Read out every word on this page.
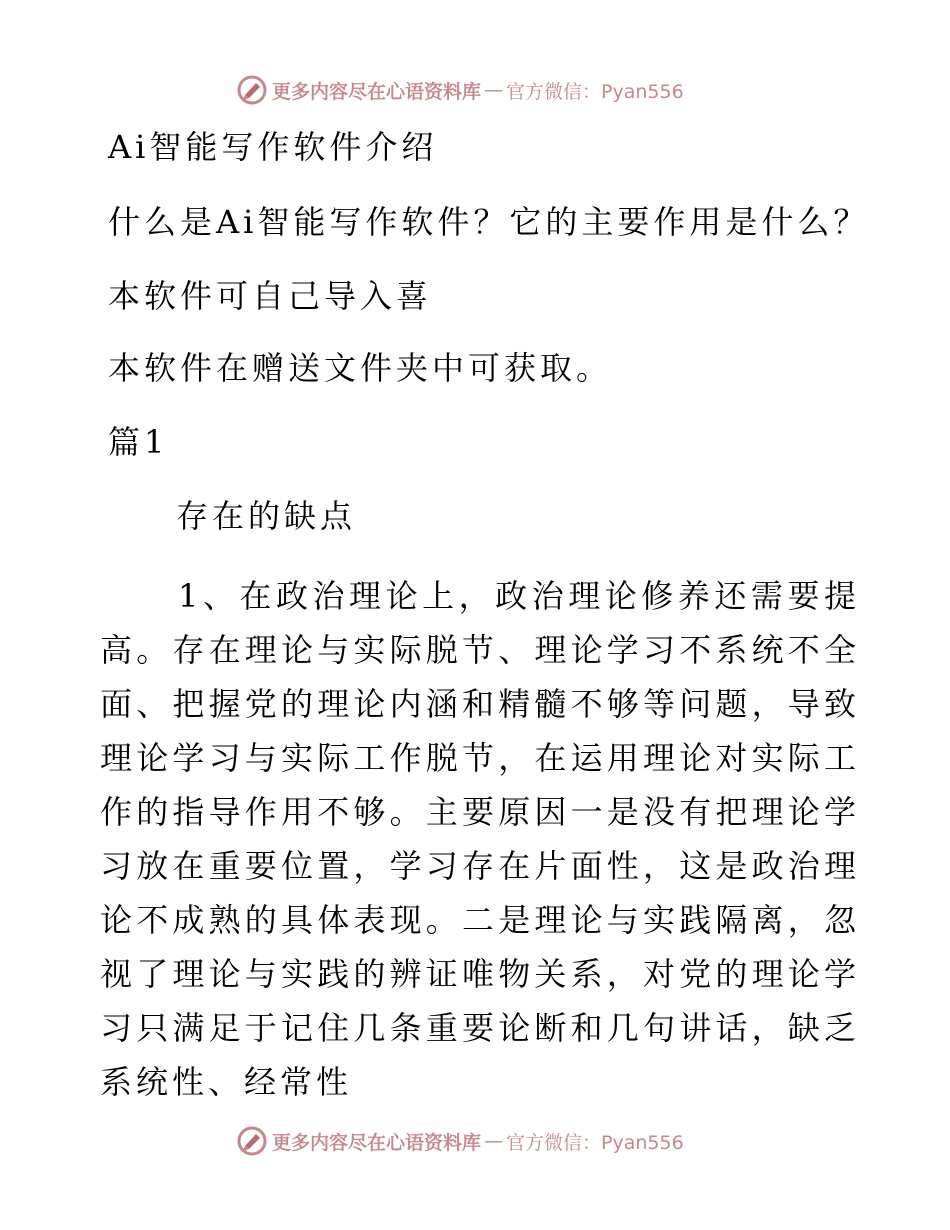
更多内容尽在心语资料库 — 官方微信：Pyan556
Ai智能写作软件介绍
什么是Ai智能写作软件？它的主要作用是什么？
本软件可自己导入喜
本软件在赠送文件夹中可获取。
篇1
存在的缺点

1、在政治理论上，政治理论修养还需要提高。存在理论与实际脱节、理论学习不系统不全面、把握党的理论内涵和精髓不够等问题，导致理论学习与实际工作脱节，在运用理论对实际工作的指导作用不够。主要原因一是没有把理论学习放在重要位置，学习存在片面性，这是政治理论不成熟的具体表现。二是理论与实践隔离，忽视了理论与实践的辨证唯物关系，对党的理论学习只满足于记住几条重要论断和几句讲话，缺乏系统性、经常性

更多内容尽在心语资料库 — 官方微信：Pyan556
